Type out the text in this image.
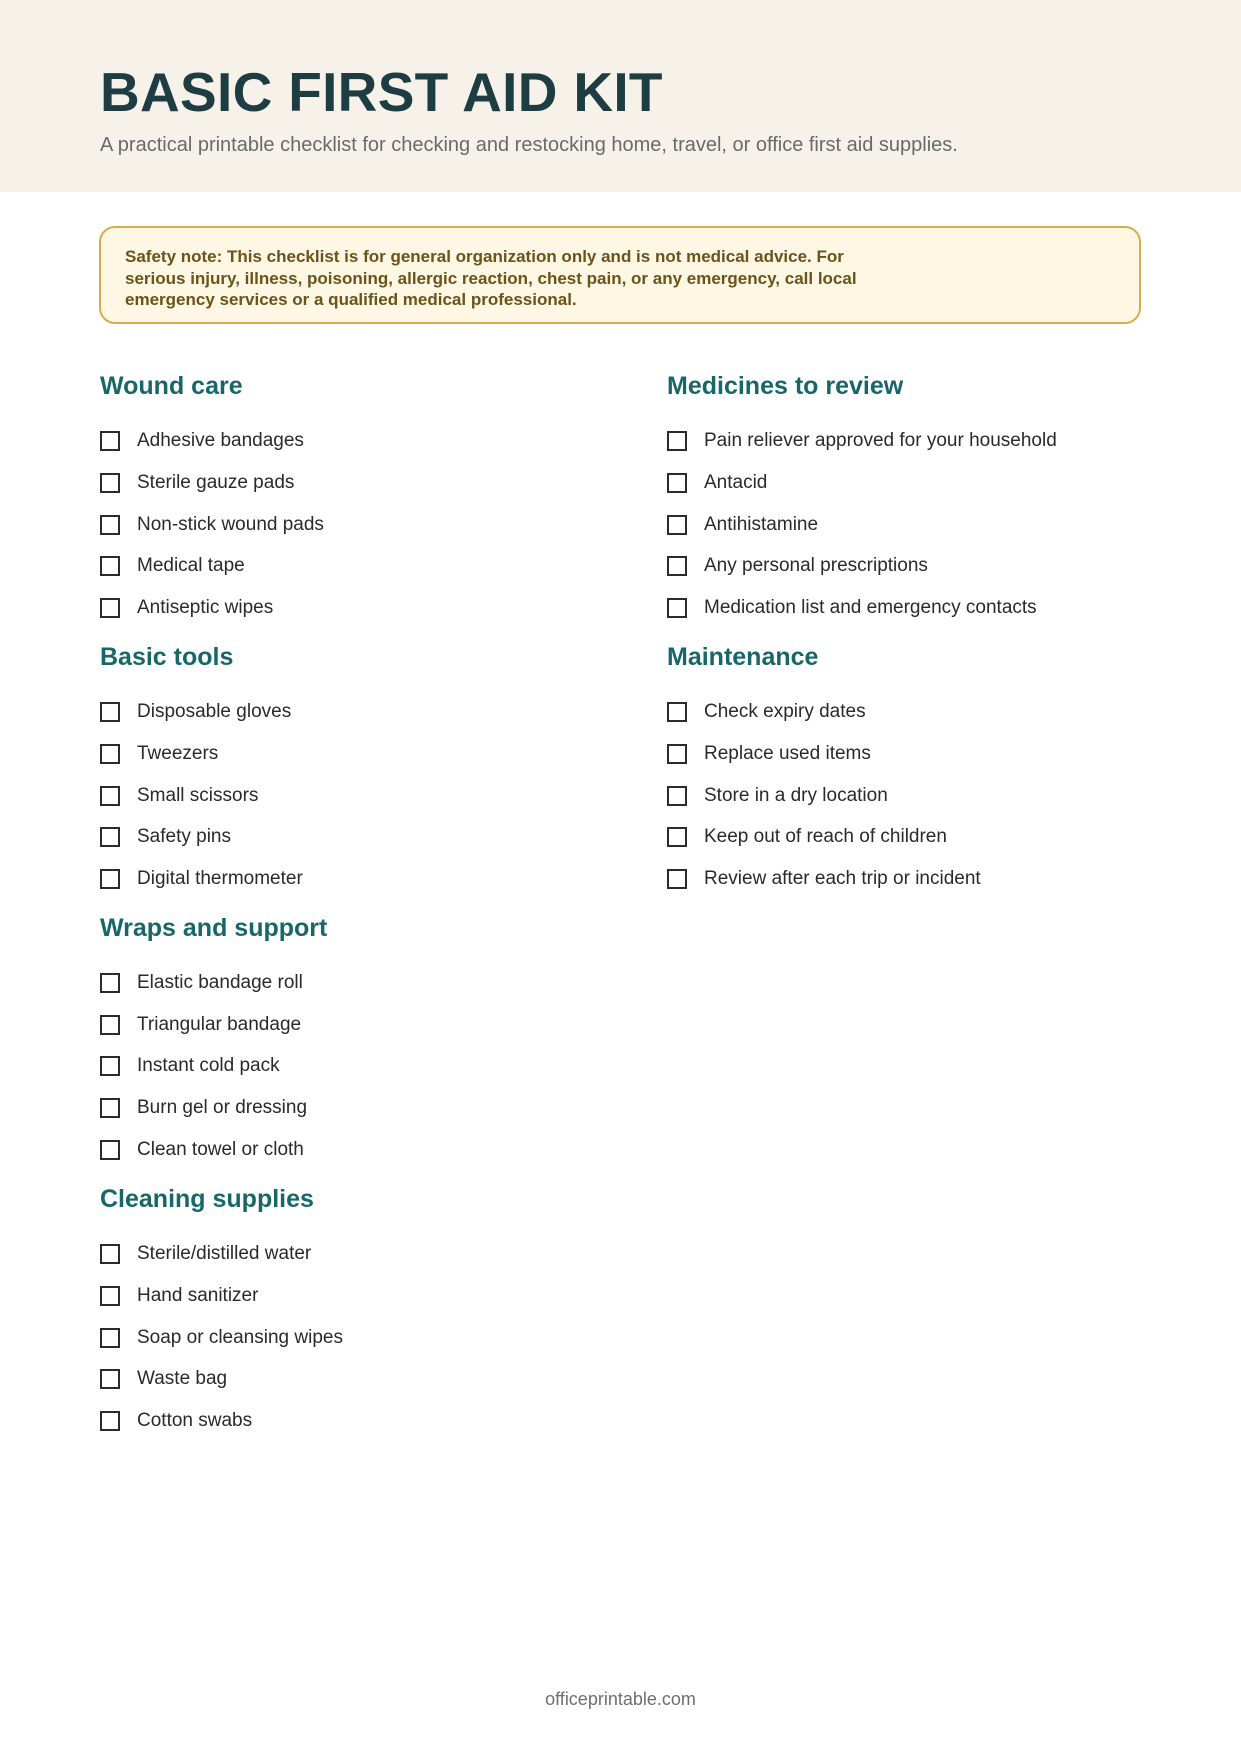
BASIC FIRST AID KIT

A practical printable checklist for checking and restocking home, travel, or office first aid supplies.

Safety note: This checklist is for general organization only and is not medical advice. For serious injury, illness, poisoning, allergic reaction, chest pain, or any emergency, call local emergency services or a qualified medical professional.

Wound care
Adhesive bandages
Sterile gauze pads
Non-stick wound pads
Medical tape
Antiseptic wipes
Basic tools
Disposable gloves
Tweezers
Small scissors
Safety pins
Digital thermometer
Wraps and support
Elastic bandage roll
Triangular bandage
Instant cold pack
Burn gel or dressing
Clean towel or cloth
Cleaning supplies
Sterile/distilled water
Hand sanitizer
Soap or cleansing wipes
Waste bag
Cotton swabs
Medicines to review
Pain reliever approved for your household
Antacid
Antihistamine
Any personal prescriptions
Medication list and emergency contacts
Maintenance
Check expiry dates
Replace used items
Store in a dry location
Keep out of reach of children
Review after each trip or incident
officeprintable.com
